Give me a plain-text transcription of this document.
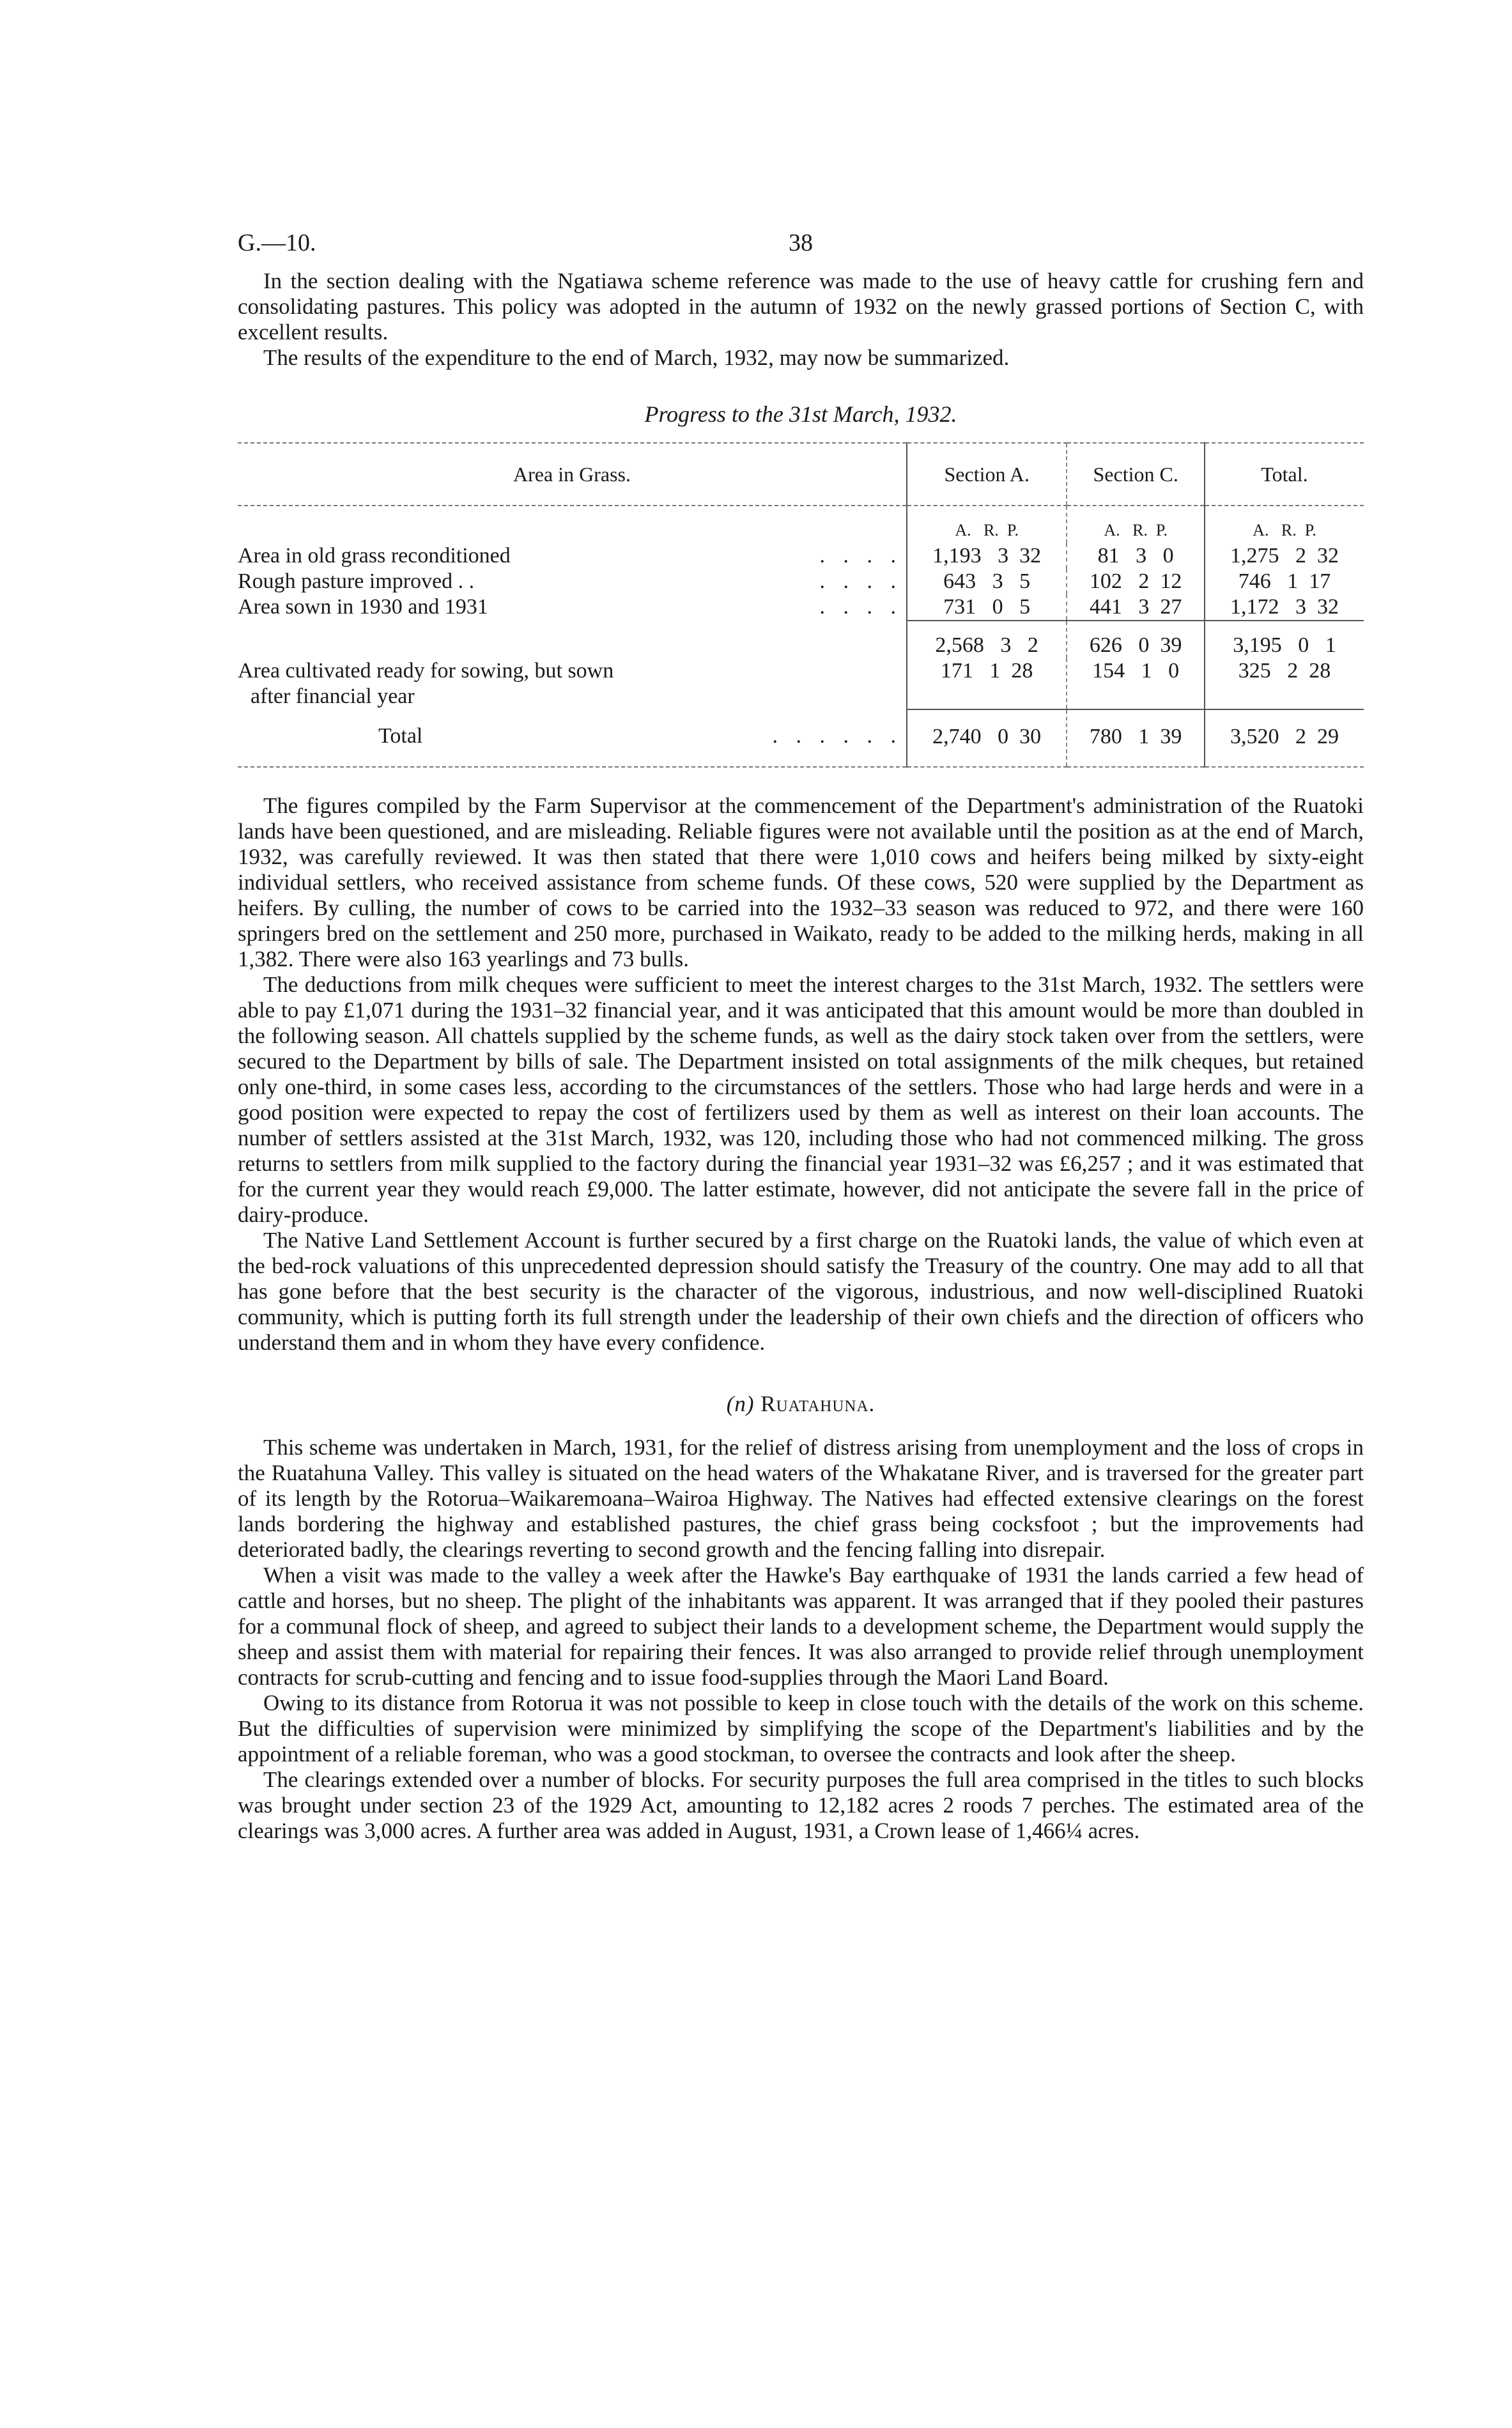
G.—10.	38

In the section dealing with the Ngatiawa scheme reference was made to the use of heavy cattle for crushing fern and consolidating pastures. This policy was adopted in the autumn of 1932 on the newly grassed portions of Section C, with excellent results.

The results of the expenditure to the end of March, 1932, may now be summarized.

Progress to the 31st March, 1932.
Area in Grass.	Section A.	Section C.	Total.
	A.   R.  P.	A.   R.  P.	A.   R.  P.
Area in old grass reconditioned . . . .	1,193   3  32	81   3   0	1,275   2  32
Rough pasture improved . . . . . .	643   3   5	102   2  12	746   1  17
Area sown in 1930 and 1931 . . . .	731   0   5	441   3  27	1,172   3  32
	2,568   3   2	626   0  39	3,195   0   1

Area cultivated ready for sowing, but sown
after financial year	171   1  28	154   1   0	325   2  28
Total . . . . . .	2,740   0  30	780   1  39	3,520   2  29

The figures compiled by the Farm Supervisor at the commencement of the Department's administration of the Ruatoki lands have been questioned, and are misleading. Reliable figures were not available until the position as at the end of March, 1932, was carefully reviewed. It was then stated that there were 1,010 cows and heifers being milked by sixty-eight individual settlers, who received assistance from scheme funds. Of these cows, 520 were supplied by the Department as heifers. By culling, the number of cows to be carried into the 1932–33 season was reduced to 972, and there were 160 springers bred on the settlement and 250 more, purchased in Waikato, ready to be added to the milking herds, making in all 1,382. There were also 163 yearlings and 73 bulls.

The deductions from milk cheques were sufficient to meet the interest charges to the 31st March, 1932. The settlers were able to pay £1,071 during the 1931–32 financial year, and it was anticipated that this amount would be more than doubled in the following season. All chattels supplied by the scheme funds, as well as the dairy stock taken over from the settlers, were secured to the Department by bills of sale. The Department insisted on total assignments of the milk cheques, but retained only one-third, in some cases less, according to the circumstances of the settlers. Those who had large herds and were in a good position were expected to repay the cost of fertilizers used by them as well as interest on their loan accounts. The number of settlers assisted at the 31st March, 1932, was 120, including those who had not commenced milking. The gross returns to settlers from milk supplied to the factory during the financial year 1931–32 was £6,257 ; and it was estimated that for the current year they would reach £9,000. The latter estimate, however, did not anticipate the severe fall in the price of dairy-produce.

The Native Land Settlement Account is further secured by a first charge on the Ruatoki lands, the value of which even at the bed-rock valuations of this unprecedented depression should satisfy the Treasury of the country. One may add to all that has gone before that the best security is the character of the vigorous, industrious, and now well-disciplined Ruatoki community, which is putting forth its full strength under the leadership of their own chiefs and the direction of officers who understand them and in whom they have every confidence.

(n) Ruatahuna.

This scheme was undertaken in March, 1931, for the relief of distress arising from unemployment and the loss of crops in the Ruatahuna Valley. This valley is situated on the head waters of the Whakatane River, and is traversed for the greater part of its length by the Rotorua–Waikaremoana–Wairoa Highway. The Natives had effected extensive clearings on the forest lands bordering the highway and established pastures, the chief grass being cocksfoot ; but the improvements had deteriorated badly, the clearings reverting to second growth and the fencing falling into disrepair.

When a visit was made to the valley a week after the Hawke's Bay earthquake of 1931 the lands carried a few head of cattle and horses, but no sheep. The plight of the inhabitants was apparent. It was arranged that if they pooled their pastures for a communal flock of sheep, and agreed to subject their lands to a development scheme, the Department would supply the sheep and assist them with material for repairing their fences. It was also arranged to provide relief through unemployment contracts for scrub-cutting and fencing and to issue food-supplies through the Maori Land Board.

Owing to its distance from Rotorua it was not possible to keep in close touch with the details of the work on this scheme. But the difficulties of supervision were minimized by simplifying the scope of the Department's liabilities and by the appointment of a reliable foreman, who was a good stockman, to oversee the contracts and look after the sheep.

The clearings extended over a number of blocks. For security purposes the full area comprised in the titles to such blocks was brought under section 23 of the 1929 Act, amounting to 12,182 acres 2 roods 7 perches. The estimated area of the clearings was 3,000 acres. A further area was added in August, 1931, a Crown lease of 1,466¼ acres.
